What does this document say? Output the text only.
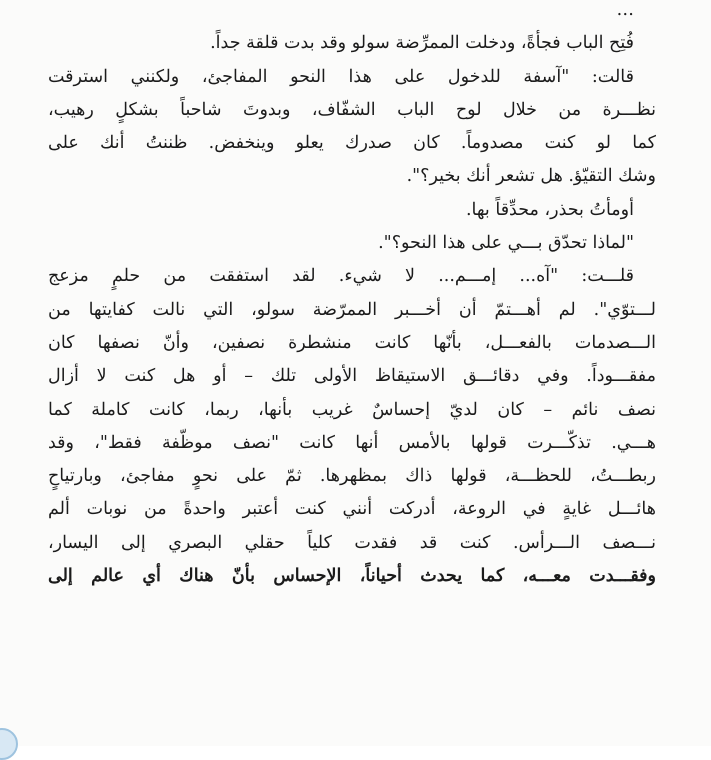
…
فُتِح الباب فجأةً، ودخلت الممرِّضة سولو وقد بدت قلقة جداً.
قالت: "آسفة للدخول على هذا النحو المفاجئ، ولكنني استرقت
نظـــرة من خلال لوح الباب الشفّاف، وبدوتَ شاحباً بشكلٍ رهيب،
كما لو كنت مصدوماً. كان صدرك يعلو وينخفض. ظننتُ أنك على
وشك التقيّؤ. هل تشعر أنك بخير؟".
أومأتُ بحذر، محدِّقاً بها.
"لماذا تحدّق بـــي على هذا النحو؟".
قلـــت: "آه... إمـــم... لا شيء. لقد استفقت من حلمٍ مزعج
لـــتوّي". لم أهـــتمّ أن أخـــبر الممرّضة سولو، التي نالت كفايتها من
الـــصدمات بالفعـــل، بأنّها كانت منشطرة نصفين، وأنّ نصفها كان
مفقـــوداً. وفي دقائـــق الاستيقاظ الأولى تلك – أو هل كنت لا أزال
نصف نائم – كان لديّ إحساسٌ غريب بأنها، ربما، كانت كاملة كما
هـــي. تذكّـــرت قولها بالأمس أنها كانت "نصف موظّفة فقط"، وقد
ربطـــتُ، للحظـــة، قولها ذاك بمظهرها. ثمّ على نحوٍ مفاجئ، وبارتياحٍ
هائـــل غايةٍ في الروعة، أدركت أنني كنت أعتبر واحدةً من نوبات ألم
نـــصف الـــرأس. كنت قد فقدت كلياً حقلي البصري إلى اليسار،
وفقـــدت معـــه، كما يحدث أحياناً، الإحساس بأنّ هناك أي عالم إلى
